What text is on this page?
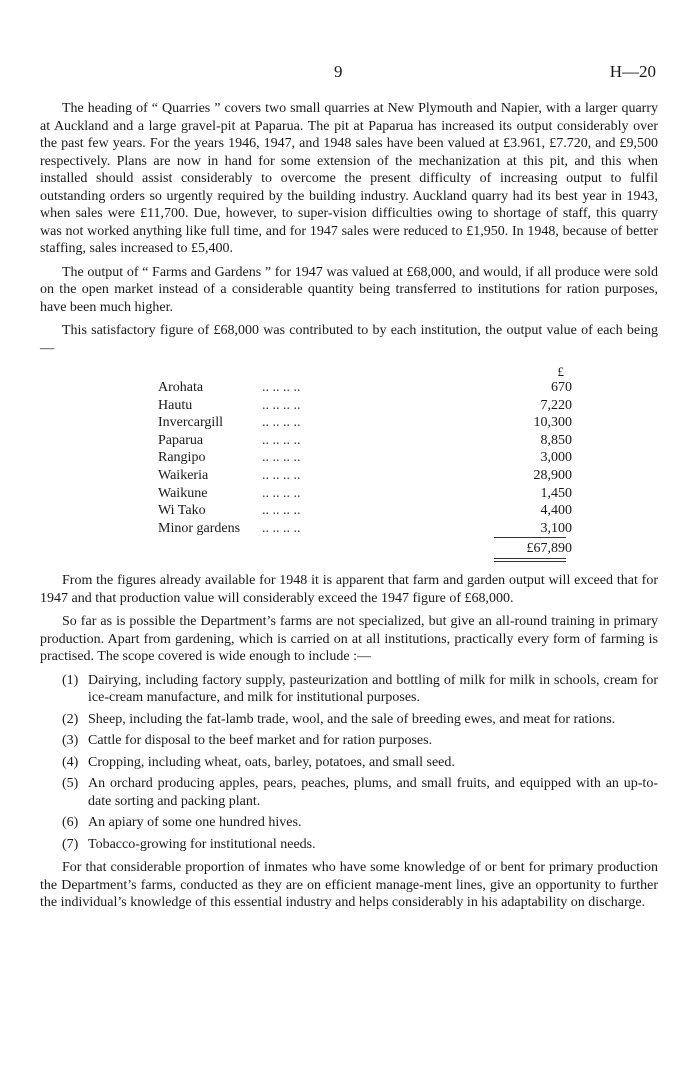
9	H—20

The heading of “ Quarries ” covers two small quarries at New Plymouth and Napier, with a larger quarry at Auckland and a large gravel-pit at Paparua. The pit at Paparua has increased its output considerably over the past few years. For the years 1946, 1947, and 1948 sales have been valued at £3.961, £7.720, and £9,500 respectively. Plans are now in hand for some extension of the mechanization at this pit, and this when installed should assist considerably to overcome the present difficulty of increasing output to fulfil outstanding orders so urgently required by the building industry. Auckland quarry had its best year in 1943, when sales were £11,700. Due, however, to super-vision difficulties owing to shortage of staff, this quarry was not worked anything like full time, and for 1947 sales were reduced to £1,950. In 1948, because of better staffing, sales increased to £5,400.

The output of “ Farms and Gardens ” for 1947 was valued at £68,000, and would, if all produce were sold on the open market instead of a considerable quantity being transferred to institutions for ration purposes, have been much higher.

This satisfactory figure of £68,000 was contributed to by each institution, the output value of each being—

£
Arohata	.. .. .. ..	670
Hautu	.. .. .. ..	7,220
Invercargill	.. .. .. ..	10,300
Paparua	.. .. .. ..	8,850
Rangipo	.. .. .. ..	3,000
Waikeria	.. .. .. ..	28,900
Waikune	.. .. .. ..	1,450
Wi Tako	.. .. .. ..	4,400
Minor gardens	.. .. .. ..	3,100
£67,890

From the figures already available for 1948 it is apparent that farm and garden output will exceed that for 1947 and that production value will considerably exceed the 1947 figure of £68,000.

So far as is possible the Department’s farms are not specialized, but give an all-round training in primary production. Apart from gardening, which is carried on at all institutions, practically every form of farming is practised. The scope covered is wide enough to include :—

(1) Dairying, including factory supply, pasteurization and bottling of milk for milk in schools, cream for ice-cream manufacture, and milk for institutional purposes.
(2) Sheep, including the fat-lamb trade, wool, and the sale of breeding ewes, and meat for rations.
(3) Cattle for disposal to the beef market and for ration purposes.
(4) Cropping, including wheat, oats, barley, potatoes, and small seed.
(5) An orchard producing apples, pears, peaches, plums, and small fruits, and equipped with an up-to-date sorting and packing plant.
(6) An apiary of some one hundred hives.
(7) Tobacco-growing for institutional needs.

For that considerable proportion of inmates who have some knowledge of or bent for primary production the Department’s farms, conducted as they are on efficient manage-ment lines, give an opportunity to further the individual’s knowledge of this essential industry and helps considerably in his adaptability on discharge.
